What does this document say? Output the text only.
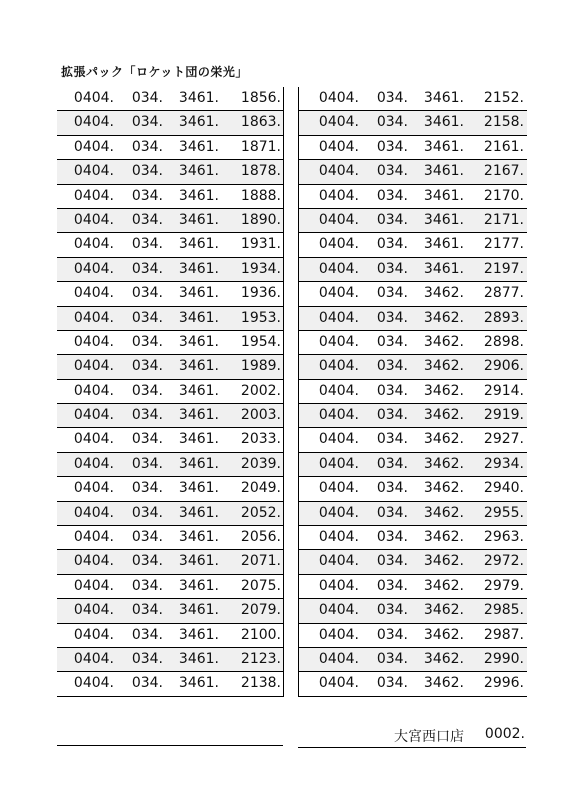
拡張パック「ロケット団の栄光」
0404.	034.	3461.	1856.
0404.	034.	3461.	1863.
0404.	034.	3461.	1871.
0404.	034.	3461.	1878.
0404.	034.	3461.	1888.
0404.	034.	3461.	1890.
0404.	034.	3461.	1931.
0404.	034.	3461.	1934.
0404.	034.	3461.	1936.
0404.	034.	3461.	1953.
0404.	034.	3461.	1954.
0404.	034.	3461.	1989.
0404.	034.	3461.	2002.
0404.	034.	3461.	2003.
0404.	034.	3461.	2033.
0404.	034.	3461.	2039.
0404.	034.	3461.	2049.
0404.	034.	3461.	2052.
0404.	034.	3461.	2056.
0404.	034.	3461.	2071.
0404.	034.	3461.	2075.
0404.	034.	3461.	2079.
0404.	034.	3461.	2100.
0404.	034.	3461.	2123.
0404.	034.	3461.	2138.
0404.	034.	3461.	2152.
0404.	034.	3461.	2158.
0404.	034.	3461.	2161.
0404.	034.	3461.	2167.
0404.	034.	3461.	2170.
0404.	034.	3461.	2171.
0404.	034.	3461.	2177.
0404.	034.	3461.	2197.
0404.	034.	3462.	2877.
0404.	034.	3462.	2893.
0404.	034.	3462.	2898.
0404.	034.	3462.	2906.
0404.	034.	3462.	2914.
0404.	034.	3462.	2919.
0404.	034.	3462.	2927.
0404.	034.	3462.	2934.
0404.	034.	3462.	2940.
0404.	034.	3462.	2955.
0404.	034.	3462.	2963.
0404.	034.	3462.	2972.
0404.	034.	3462.	2979.
0404.	034.	3462.	2985.
0404.	034.	3462.	2987.
0404.	034.	3462.	2990.
0404.	034.	3462.	2996.
大宮西口店 0002.
